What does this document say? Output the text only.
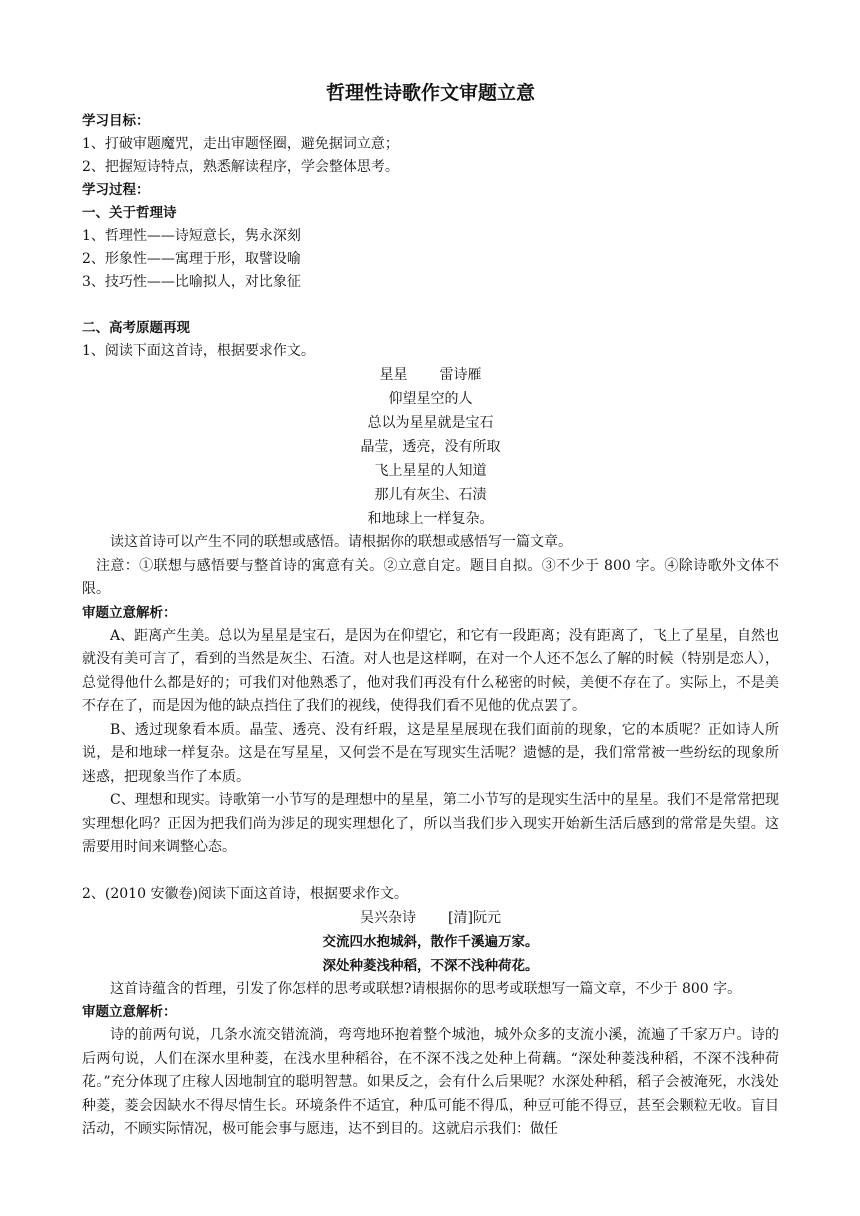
哲理性诗歌作文审题立意

学习目标：

1、打破审题魔咒，走出审题怪圈，避免据词立意；

2、把握短诗特点，熟悉解读程序，学会整体思考。

学习过程：

一、关于哲理诗

1、哲理性——诗短意长，隽永深刻

2、形象性——寓理于形，取譬设喻

3、技巧性——比喻拟人，对比象征

二、高考原题再现

1、阅读下面这首诗，根据要求作文。

星星 雷诗雁

仰望星空的人

总以为星星就是宝石

晶莹，透亮，没有所取

飞上星星的人知道

那儿有灰尘、石渍

和地球上一样复杂。

读这首诗可以产生不同的联想或感悟。请根据你的联想或感悟写一篇文章。

注意：①联想与感悟要与整首诗的寓意有关。②立意自定。题目自拟。③不少于 800 字。④除诗歌外文体不限。

审题立意解析：

A、距离产生美。总以为星星是宝石，是因为在仰望它，和它有一段距离；没有距离了，飞上了星星，自然也就没有美可言了，看到的当然是灰尘、石渣。对人也是这样啊，在对一个人还不怎么了解的时候（特别是恋人），总觉得他什么都是好的；可我们对他熟悉了，他对我们再没有什么秘密的时候，美便不存在了。实际上，不是美不存在了，而是因为他的缺点挡住了我们的视线，使得我们看不见他的优点罢了。

B、透过现象看本质。晶莹、透亮、没有纤瑕，这是星星展现在我们面前的现象，它的本质呢？正如诗人所说，是和地球一样复杂。这是在写星星，又何尝不是在写现实生活呢？遗憾的是，我们常常被一些纷纭的现象所迷惑，把现象当作了本质。

C、理想和现实。诗歌第一小节写的是理想中的星星，第二小节写的是现实生活中的星星。我们不是常常把现实理想化吗？正因为把我们尚为涉足的现实理想化了，所以当我们步入现实开始新生活后感到的常常是失望。这需要用时间来调整心态。

2、(2010 安徽卷)阅读下面这首诗，根据要求作文。

吴兴杂诗 [清]阮元

交流四水抱城斜，散作千溪遍万家。

深处种菱浅种稻，不深不浅种荷花。

这首诗蕴含的哲理，引发了你怎样的思考或联想?请根据你的思考或联想写一篇文章，不少于 800 字。

审题立意解析：

诗的前两句说，几条水流交错流淌，弯弯地环抱着整个城池，城外众多的支流小溪，流遍了千家万户。诗的后两句说，人们在深水里种菱，在浅水里种稻谷，在不深不浅之处种上荷藕。“深处种菱浅种稻，不深不浅种荷花。”充分体现了庄稼人因地制宜的聪明智慧。如果反之，会有什么后果呢？水深处种稻，稻子会被淹死，水浅处种菱，菱会因缺水不得尽情生长。环境条件不适宜，种瓜可能不得瓜，种豆可能不得豆，甚至会颗粒无收。盲目活动，不顾实际情况，极可能会事与愿违，达不到目的。这就启示我们：做任
